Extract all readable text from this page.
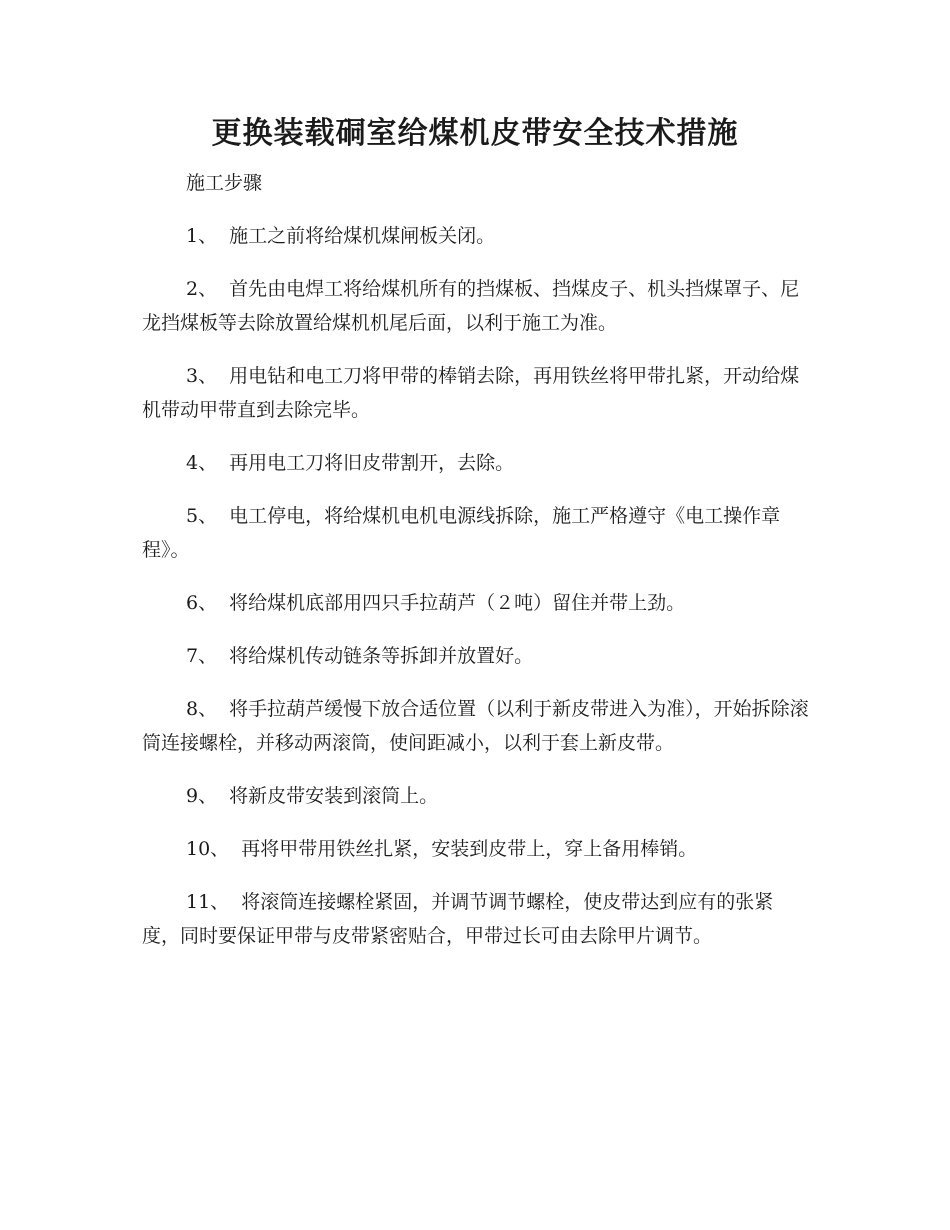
更换装载硐室给煤机皮带安全技术措施

施工步骤

1、 施工之前将给煤机煤闸板关闭。

2、 首先由电焊工将给煤机所有的挡煤板、挡煤皮子、机头挡煤罩子、尼龙挡煤板等去除放置给煤机机尾后面，以利于施工为准。

3、 用电钻和电工刀将甲带的棒销去除，再用铁丝将甲带扎紧，开动给煤机带动甲带直到去除完毕。

4、 再用电工刀将旧皮带割开，去除。

5、 电工停电，将给煤机电机电源线拆除，施工严格遵守《电工操作章程》。

6、 将给煤机底部用四只手拉葫芦（２吨）留住并带上劲。

7、 将给煤机传动链条等拆卸并放置好。

8、 将手拉葫芦缓慢下放合适位置（以利于新皮带进入为准），开始拆除滚筒连接螺栓，并移动两滚筒，使间距减小，以利于套上新皮带。

9、 将新皮带安装到滚筒上。

10、 再将甲带用铁丝扎紧，安装到皮带上，穿上备用棒销。

11、 将滚筒连接螺栓紧固，并调节调节螺栓，使皮带达到应有的张紧度，同时要保证甲带与皮带紧密贴合，甲带过长可由去除甲片调节。
